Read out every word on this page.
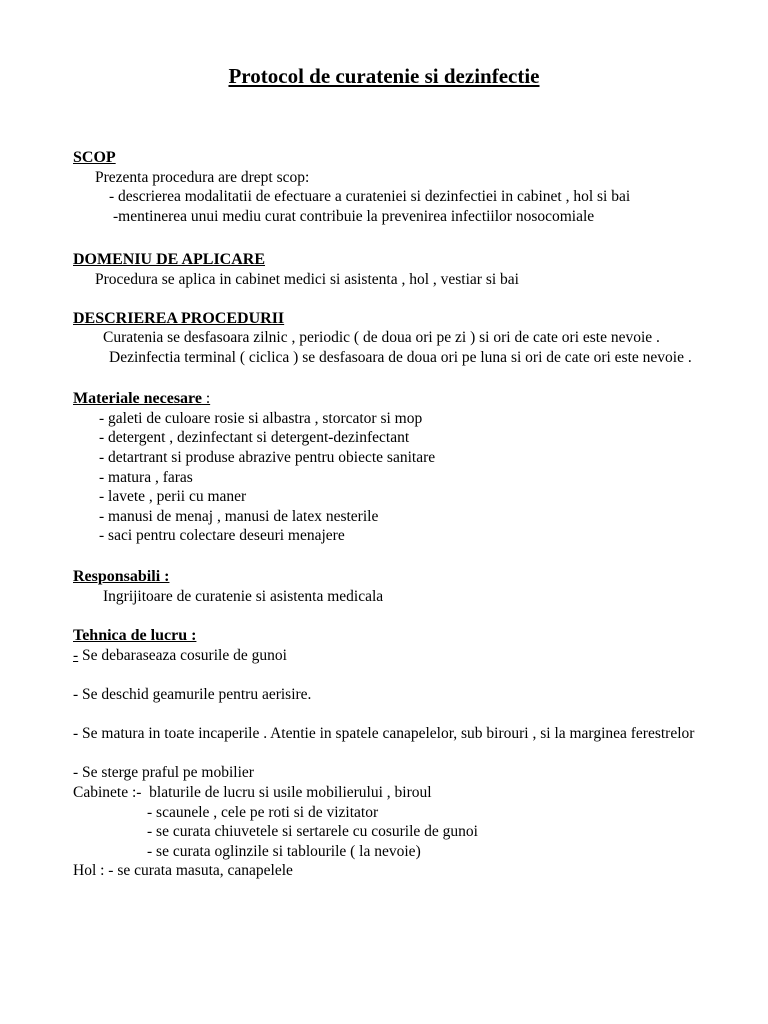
Protocol de curatenie si dezinfectie
SCOP
Prezenta procedura are drept scop:
- descrierea modalitatii de efectuare a curateniei si dezinfectiei in cabinet , hol si bai
-mentinerea unui mediu curat contribuie la prevenirea infectiilor nosocomiale
DOMENIU DE APLICARE
Procedura se aplica in cabinet medici si asistenta , hol , vestiar si bai
DESCRIEREA PROCEDURII
Curatenia se desfasoara zilnic , periodic ( de doua ori pe zi ) si ori de cate ori este nevoie .
Dezinfectia terminal ( ciclica ) se desfasoara de doua ori pe luna si ori de cate ori este nevoie .
Materiale necesare :
- galeti de culoare rosie si albastra , storcator si mop
- detergent , dezinfectant si detergent-dezinfectant
- detartrant si produse abrazive pentru obiecte sanitare
- matura , faras
- lavete , perii cu maner
- manusi de menaj , manusi de latex nesterile
- saci pentru colectare deseuri menajere
Responsabili :
Ingrijitoare de curatenie si asistenta medicala
Tehnica de lucru :
- Se debaraseaza cosurile de gunoi
- Se deschid geamurile pentru aerisire.
- Se matura in toate incaperile . Atentie in spatele canapelelor, sub birouri , si la marginea ferestrelor
- Se sterge praful pe mobilier
Cabinete :-  blaturile de lucru si usile mobilierului , biroul
- scaunele , cele pe roti si de vizitator
- se curata chiuvetele si sertarele cu cosurile de gunoi
- se curata oglinzile si tablourile ( la nevoie)
Hol : - se curata masuta, canapelele
